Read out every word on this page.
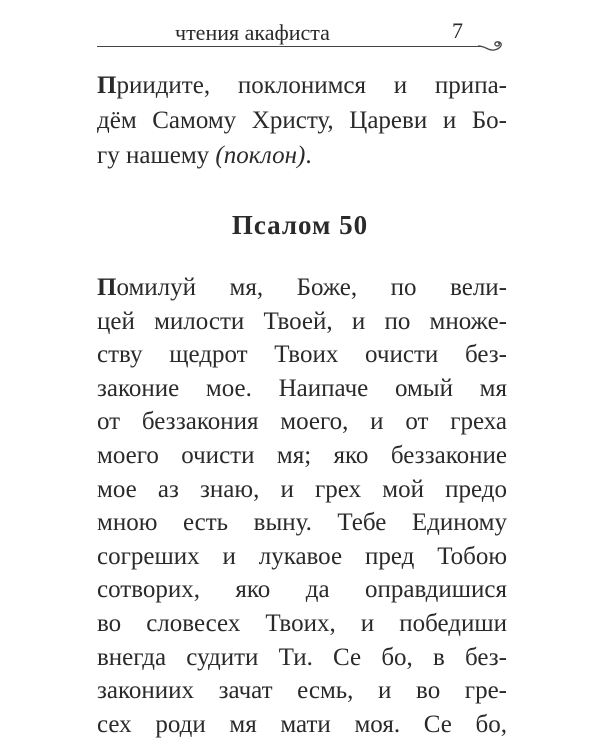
чтения акафиста	7
Приидите, поклонимся и припа-
дём Самому Христу, Цареви и Бо-
гу нашему (поклон).
Псалом 50
Помилуй мя, Боже, по вели-
цей милости Твоей, и по множе-
ству щедрот Твоих очисти без-
законие мое. Наипаче омый мя
от беззакония моего, и от греха
моего очисти мя; яко беззаконие
мое аз знаю, и грех мой предо
мною есть выну. Тебе Единому
согреших и лукавое пред Тобою
сотворих, яко да оправдишися
во словесех Твоих, и победиши
внегда судити Ти. Се бо, в без-
закониих зачат есмь, и во гре-
сех роди мя мати моя. Се бо,
